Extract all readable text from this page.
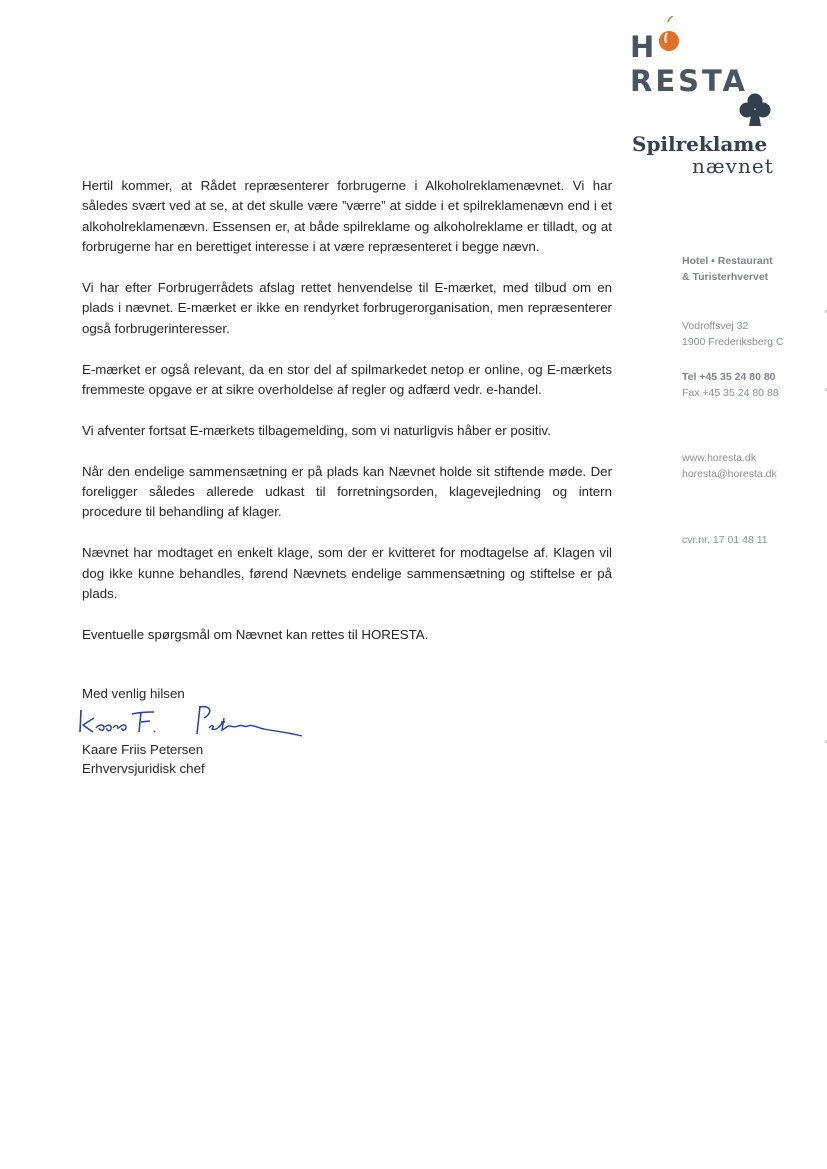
HRESTA
Spilreklame
nævnet
Hotel • Restaurant
& Turisterhvervet
Vodroffsvej 32
1900 Frederiksberg C
Tel +45 35 24 80 80
Fax +45 35 24 80 88
www.horesta.dk
horesta@horesta.dk
cvr.nr. 17 01 48 11

Hertil kommer, at Rådet repræsenterer forbrugerne i Alkoholreklamenævnet. Vi har således svært ved at se, at det skulle være ”værre” at sidde i et spilreklamenævn end i et alkoholreklamenævn. Essensen er, at både spilreklame og alkoholreklame er tilladt, og at forbrugerne har en berettiget interesse i at være repræsenteret i begge nævn.

Vi har efter Forbrugerrådets afslag rettet henvendelse til E-mærket, med tilbud om en plads i nævnet. E-mærket er ikke en rendyrket forbrugerorganisation, men repræsenterer også forbrugerinteresser.

E-mærket er også relevant, da en stor del af spilmarkedet netop er online, og E-mærkets fremmeste opgave er at sikre overholdelse af regler og adfærd vedr. e-handel.

Vi afventer fortsat E-mærkets tilbagemelding, som vi naturligvis håber er positiv.

Når den endelige sammensætning er på plads kan Nævnet holde sit stiftende møde. Der foreligger således allerede udkast til forretningsorden, klagevejledning og intern procedure til behandling af klager.

Nævnet har modtaget en enkelt klage, som der er kvitteret for modtagelse af. Klagen vil dog ikke kunne behandles, førend Nævnets endelige sammensætning og stiftelse er på plads.

Eventuelle spørgsmål om Nævnet kan rettes til HORESTA.

Med venlig hilsen
Kaare Friis Petersen
Erhvervsjuridisk chef
